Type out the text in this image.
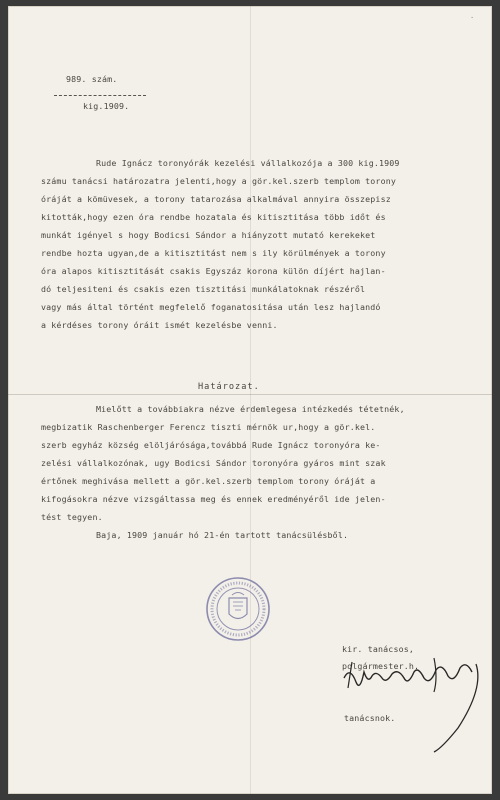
·
989. szám.
kig.1909.
Rude Ignácz toronyórák kezelési vállalkozója a 300 kig.1909
számu tanácsi határozatra jelenti,hogy a gör.kel.szerb templom torony
óráját a kömüvesek, a torony tatarozása alkalmával annyira összepisz
kitották,hogy ezen óra rendbe hozatala és kitisztitása több időt és
munkát igényel s hogy Bodicsi Sándor a hiányzott mutató kerekeket
rendbe hozta ugyan,de a kitisztitást nem s ily körülmények a torony
óra alapos kitisztitását csakis Egyszáz korona külön díjért hajlan-
dó teljesiteni és csakis ezen tisztitási munkálatoknak részéről
vagy más által történt megfelelő foganatositása után lesz hajlandó
a kérdéses torony óráit ismét kezelésbe venni.
Határozat.
Mielőtt a továbbiakra nézve érdemlegesa intézkedés tétetnék,
megbizatik Raschenberger Ferencz tiszti mérnök ur,hogy a gör.kel.
szerb egyház község elöljárósága,továbbá Rude Ignácz toronyóra ke-
zelési vállalkozónak, ugy Bodicsi Sándor toronyóra gyáros mint szak
értőnek meghivása mellett a gör.kel.szerb templom torony óráját a
kifogásokra nézve vizsgáltassa meg és ennek eredményéről ide jelen-
tést tegyen.
Baja, 1909 január hó 21-én tartott tanácsülésből.
kir. tanácsos,
polgármester.h.
tanácsnok.
